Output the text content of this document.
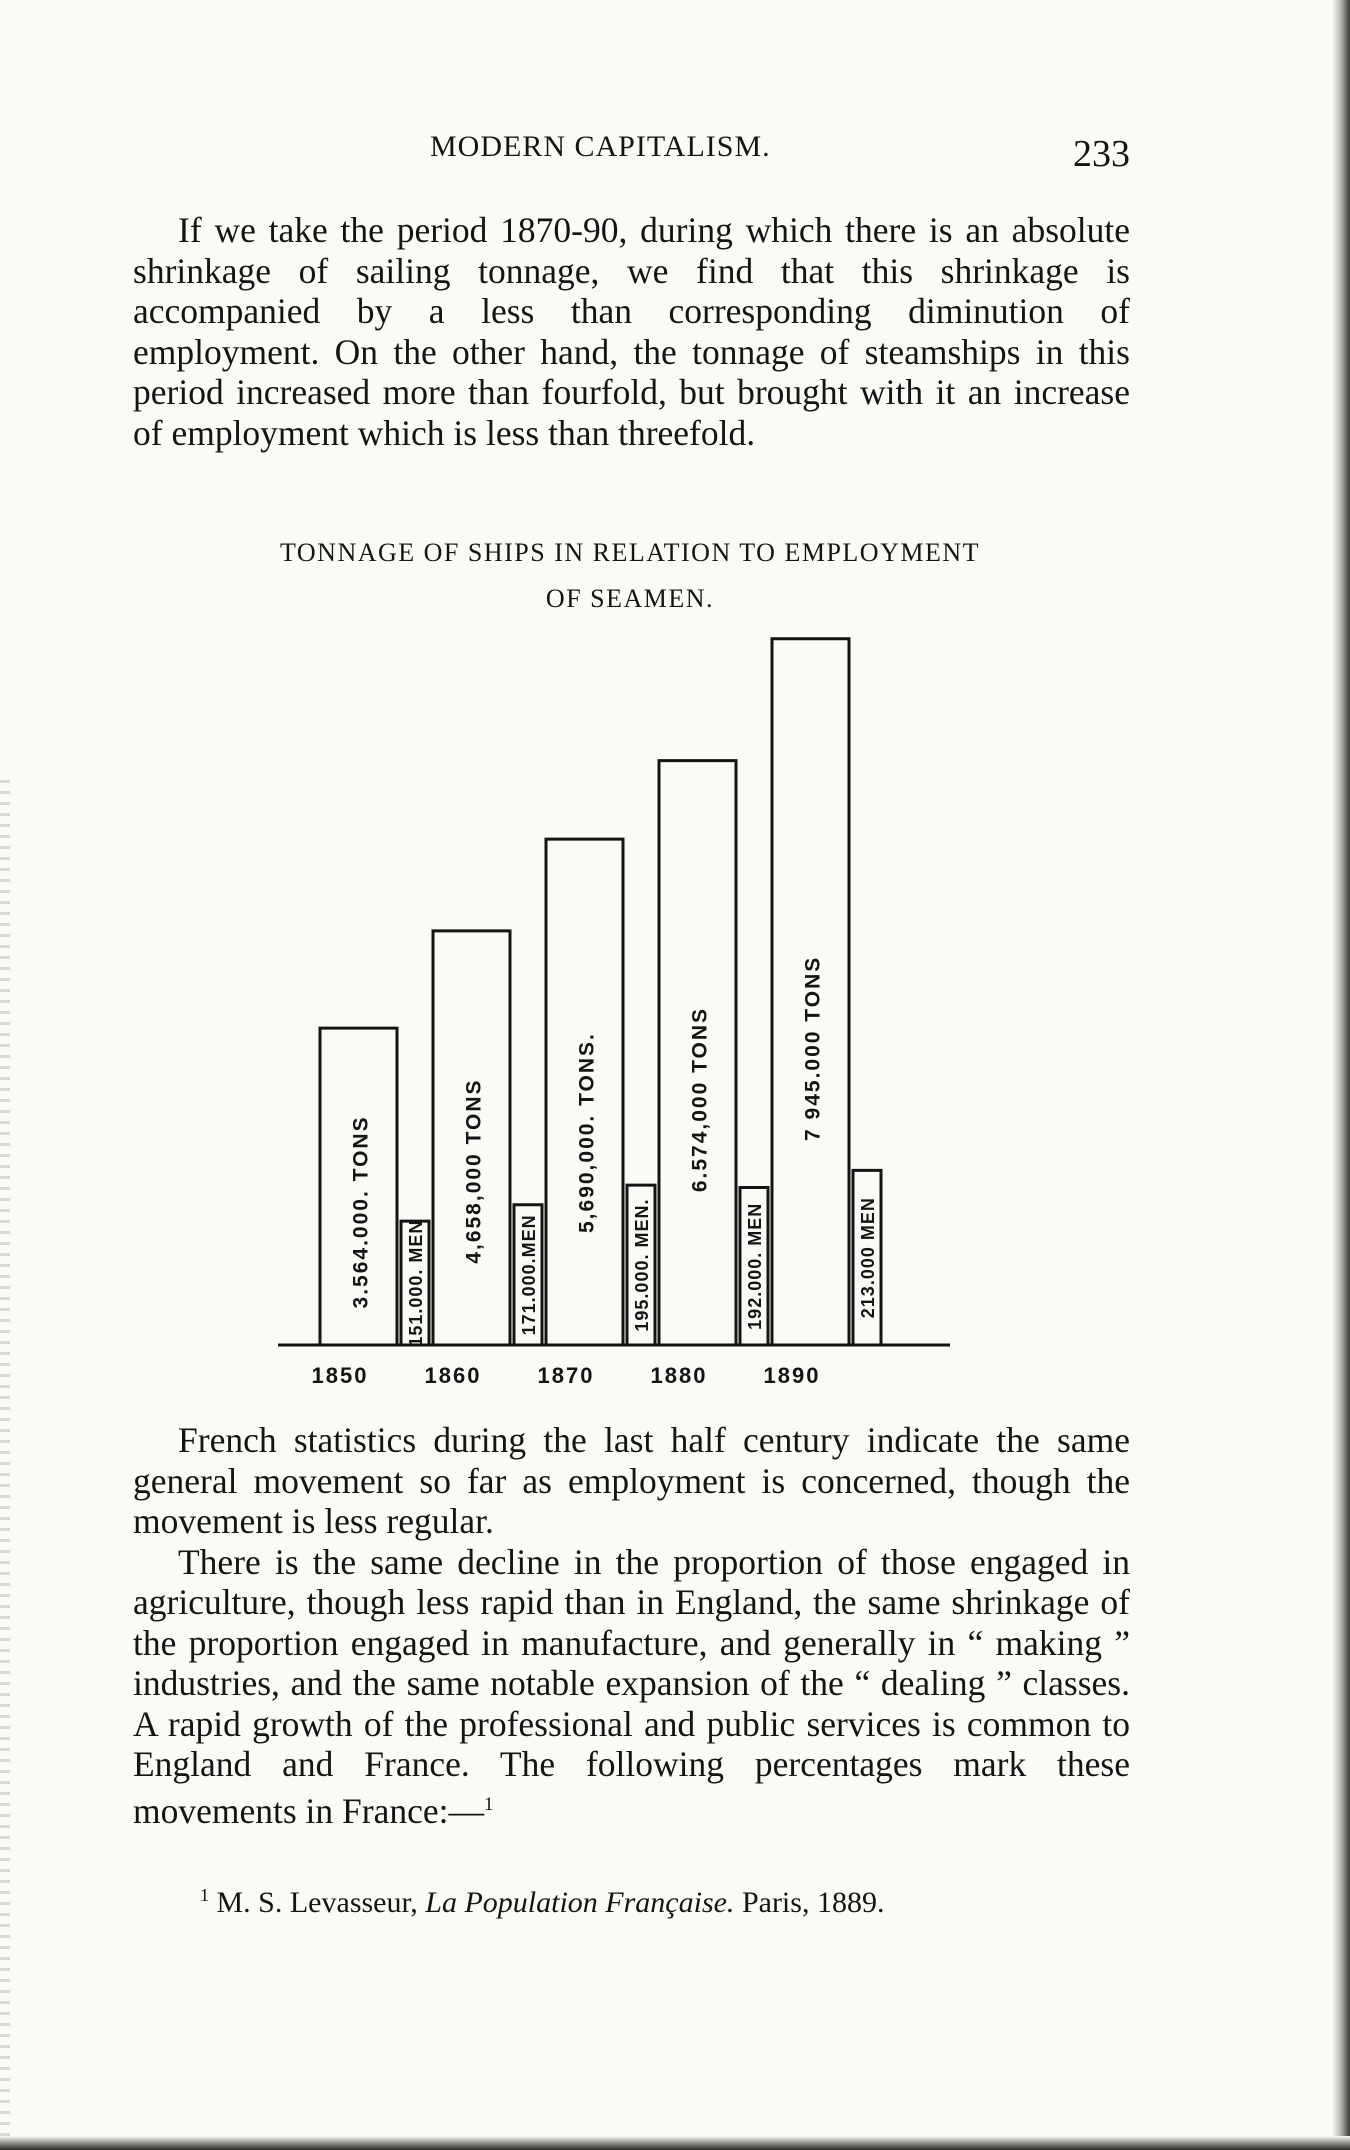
MODERN CAPITALISM.	233

If we take the period 1870-90, during which there is an absolute shrinkage of sailing tonnage, we find that this shrinkage is accompanied by a less than corresponding diminution of employment. On the other hand, the tonnage of steamships in this period increased more than fourfold, but brought with it an increase of employment which is less than threefold.

TONNAGE OF SHIPS IN RELATION TO EMPLOYMENT
OF SEAMEN.
3.564.000. TONS 151.000. MEN
1850
4,658,000 TONS
171.000.MEN
1860
5,690,000. TONS.
195.000. MEN.
1870
6.574,000 TONS
192.000. MEN
1880
7 945.000 TONS
213.000 MEN
1890

French statistics during the last half century indicate the same general movement so far as employment is concerned, though the movement is less regular.

There is the same decline in the proportion of those engaged in agriculture, though less rapid than in England, the same shrinkage of the proportion engaged in manufacture, and generally in “ making ” industries, and the same notable expansion of the “ dealing ” classes. A rapid growth of the professional and public services is common to England and France. The following percentages mark these movements in France:—$^1$

$^1$ M. S. Levasseur, La Population Française. Paris, 1889.
